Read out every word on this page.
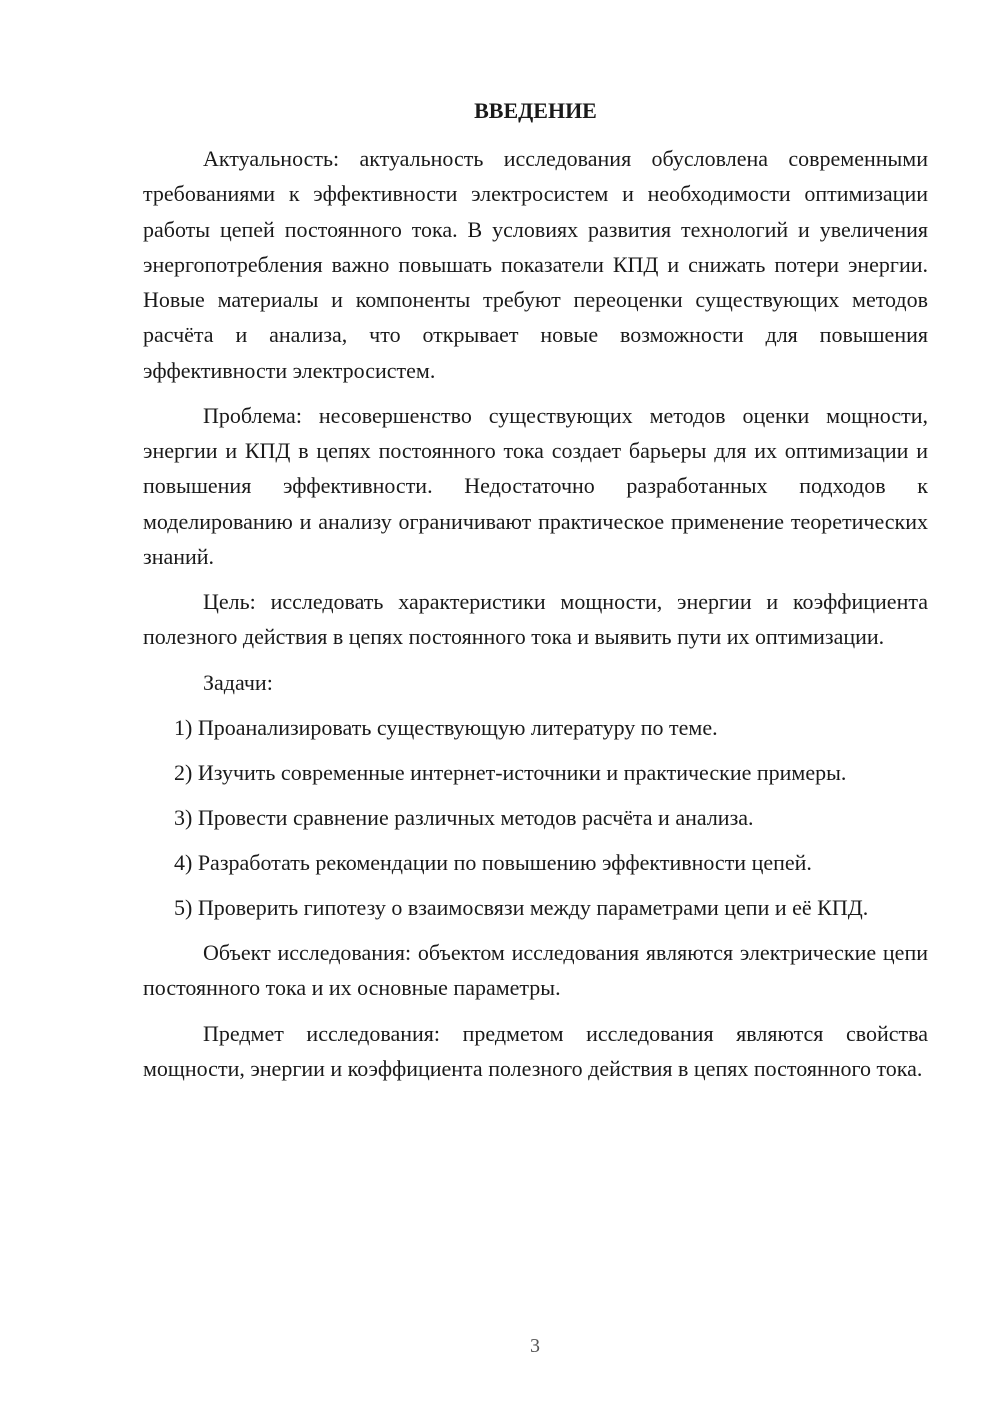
ВВЕДЕНИЕ

Актуальность: актуальность исследования обусловлена современными требованиями к эффективности электросистем и необходимости оптимизации работы цепей постоянного тока. В условиях развития технологий и увеличения энергопотребления важно повышать показатели КПД и снижать потери энергии. Новые материалы и компоненты требуют переоценки существующих методов расчёта и анализа, что открывает новые возможности для повышения эффективности электросистем.

Проблема: несовершенство существующих методов оценки мощности, энергии и КПД в цепях постоянного тока создает барьеры для их оптимизации и повышения эффективности. Недостаточно разработанных подходов к моделированию и анализу ограничивают практическое применение теоретических знаний.

Цель: исследовать характеристики мощности, энергии и коэффициента полезного действия в цепях постоянного тока и выявить пути их оптимизации.

Задачи:

1) Проанализировать существующую литературу по теме.

2) Изучить современные интернет-источники и практические примеры.

3) Провести сравнение различных методов расчёта и анализа.

4) Разработать рекомендации по повышению эффективности цепей.

5) Проверить гипотезу о взаимосвязи между параметрами цепи и её КПД.

Объект исследования: объектом исследования являются электрические цепи постоянного тока и их основные параметры.

Предмет исследования: предметом исследования являются свойства мощности, энергии и коэффициента полезного действия в цепях постоянного тока.

3
